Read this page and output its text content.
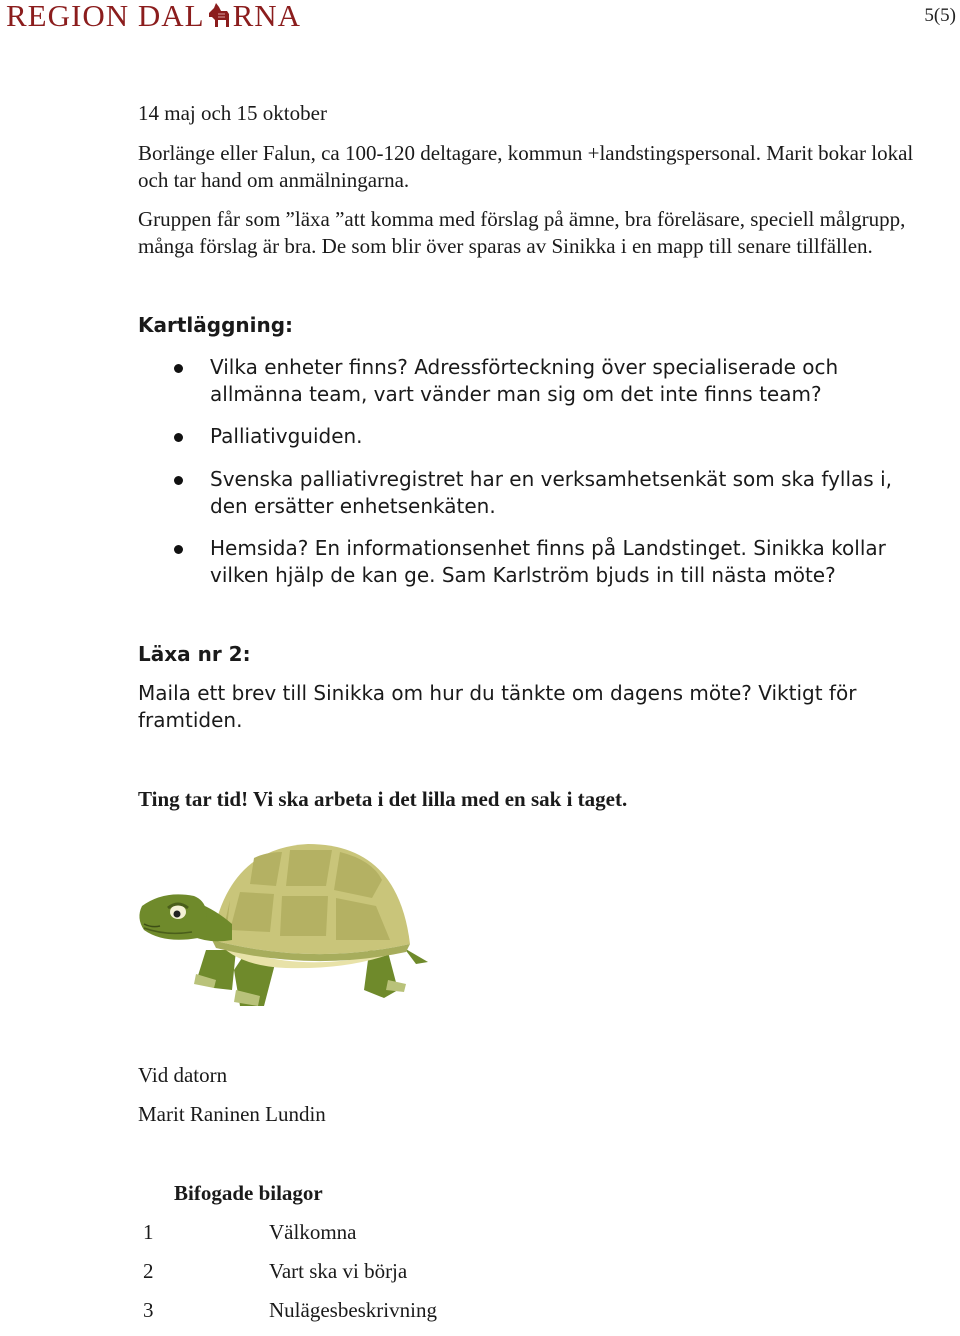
REGION DAL RNA	5(5)

14 maj och 15 oktober

Borlänge eller Falun, ca 100-120 deltagare, kommun +landstingspersonal. Marit bokar lokal och tar hand om anmälningarna.

Gruppen får som ”läxa ”att komma med förslag på ämne, bra föreläsare, speciell målgrupp, många förslag är bra. De som blir över sparas av Sinikka i en mapp till senare tillfällen.

Kartläggning:

Vilka enheter finns? Adressförteckning över specialiserade och allmänna team, vart vänder man sig om det inte finns team?
Palliativguiden.
Svenska palliativregistret har en verksamhetsenkät som ska fyllas i, den ersätter enhetsenkäten.
Hemsida? En informationsenhet finns på Landstinget. Sinikka kollar vilken hjälp de kan ge. Sam Karlström bjuds in till nästa möte?

Läxa nr 2:

Maila ett brev till Sinikka om hur du tänkte om dagens möte? Viktigt för framtiden.

Ting tar tid! Vi ska arbeta i det lilla med en sak i taget.

Vid datorn

Marit Raninen Lundin

Bifogade bilagor
1	Välkomna
2	Vart ska vi börja
3	Nulägesbeskrivning
